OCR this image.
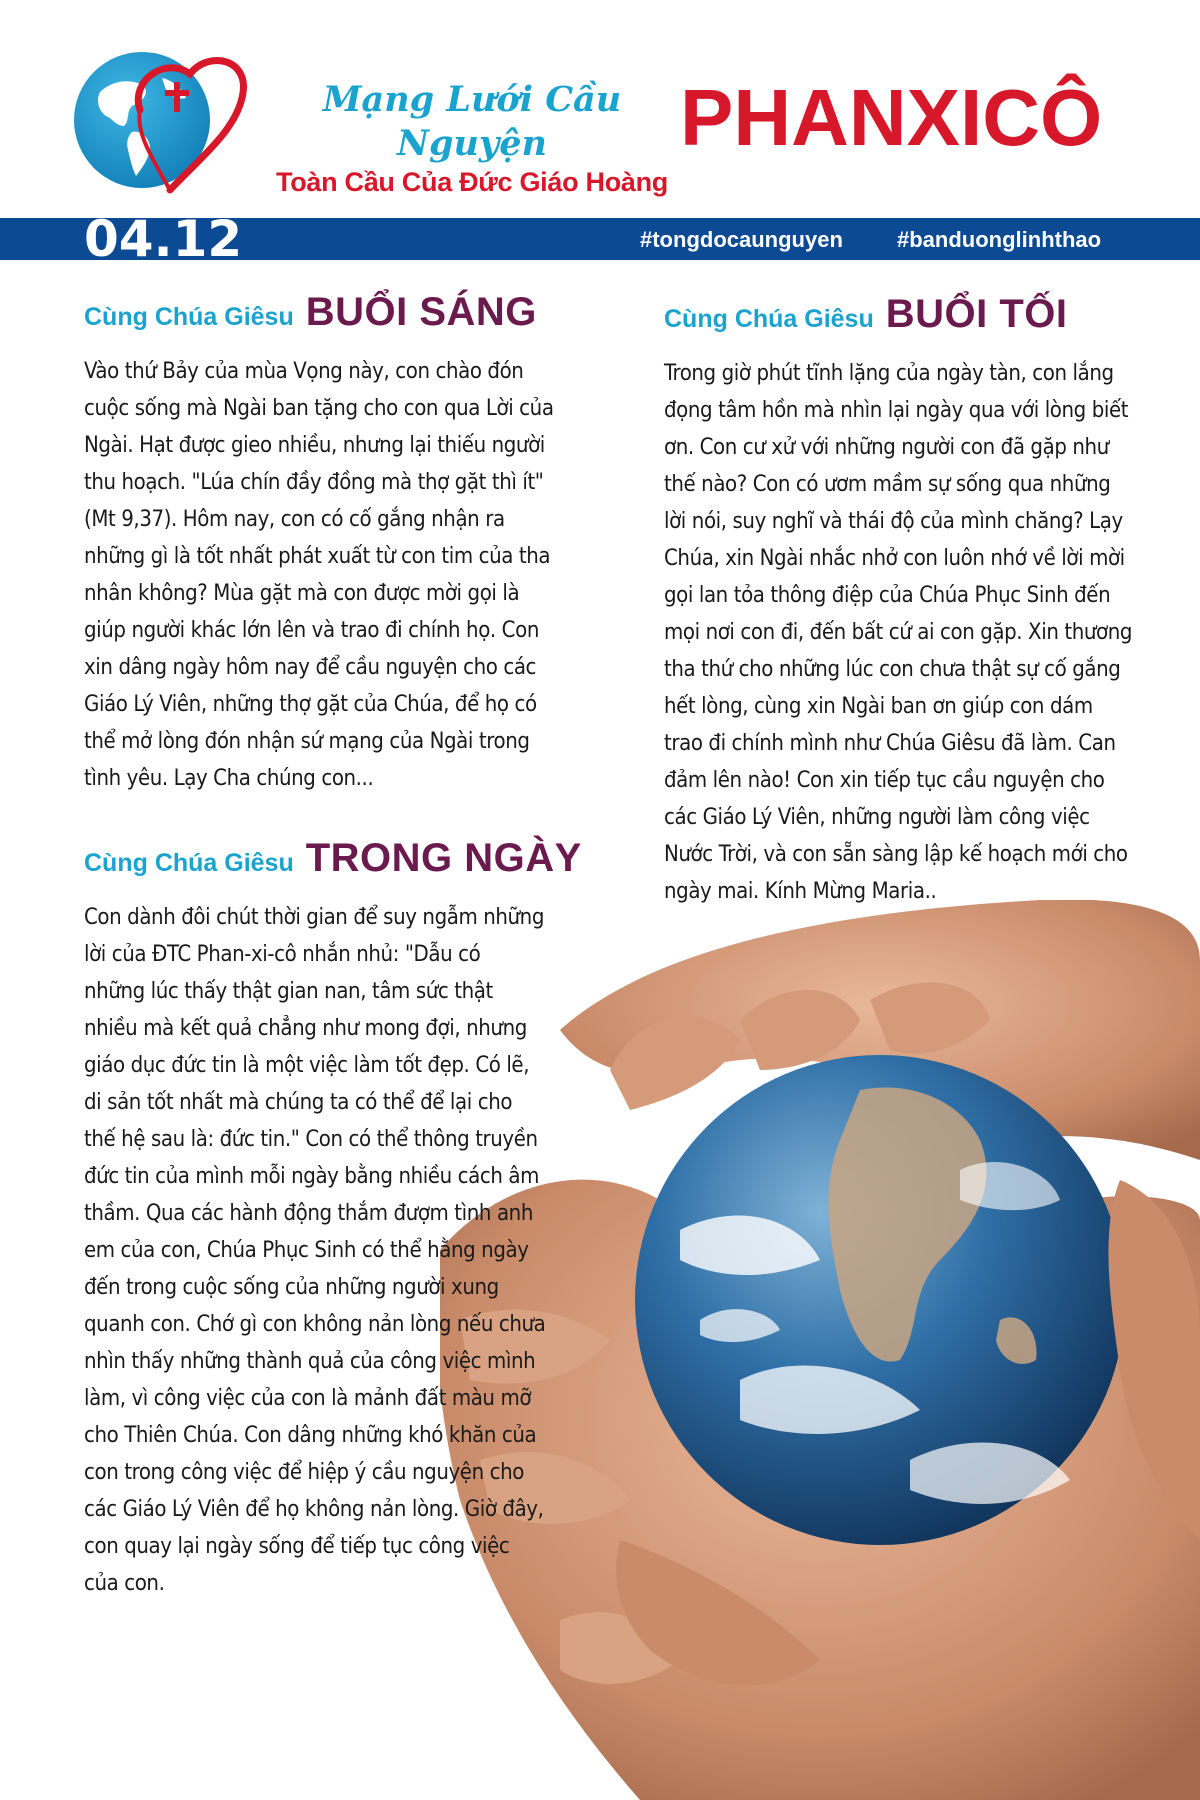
Mạng Lưới Cầu Nguyện
Toàn Cầu Của Đức Giáo Hoàng
PHANXICÔ
04.12	#tongdocaunguyen #banduonglinhthao
Cùng Chúa Giêsu BUỔI SÁNG
Vào thứ Bảy của mùa Vọng này, con chào đón cuộc sống mà Ngài ban tặng cho con qua Lời của Ngài. Hạt được gieo nhiều, nhưng lại thiếu người thu hoạch. "Lúa chín đầy đồng mà thợ gặt thì ít" (Mt 9,37). Hôm nay, con có cố gắng nhận ra những gì là tốt nhất phát xuất từ con tim của tha nhân không? Mùa gặt mà con được mời gọi là giúp người khác lớn lên và trao đi chính họ. Con xin dâng ngày hôm nay để cầu nguyện cho các Giáo Lý Viên, những thợ gặt của Chúa, để họ có thể mở lòng đón nhận sứ mạng của Ngài trong tình yêu. Lạy Cha chúng con...
Cùng Chúa Giêsu BUỔI TỐI
Trong giờ phút tĩnh lặng của ngày tàn, con lắng đọng tâm hồn mà nhìn lại ngày qua với lòng biết ơn. Con cư xử với những người con đã gặp như thế nào? Con có ươm mầm sự sống qua những lời nói, suy nghĩ và thái độ của mình chăng? Lạy Chúa, xin Ngài nhắc nhở con luôn nhớ về lời mời gọi lan tỏa thông điệp của Chúa Phục Sinh đến mọi nơi con đi, đến bất cứ ai con gặp. Xin thương tha thứ cho những lúc con chưa thật sự cố gắng hết lòng, cùng xin Ngài ban ơn giúp con dám trao đi chính mình như Chúa Giêsu đã làm. Can đảm lên nào! Con xin tiếp tục cầu nguyện cho các Giáo Lý Viên, những người làm công việc Nước Trời, và con sẵn sàng lập kế hoạch mới cho ngày mai. Kính Mừng Maria..
Cùng Chúa Giêsu TRONG NGÀY
Con dành đôi chút thời gian để suy ngẫm những lời của ĐTC Phan-xi-cô nhắn nhủ: "Dẫu có những lúc thấy thật gian nan, tâm sức thật nhiều mà kết quả chẳng như mong đợi, nhưng giáo dục đức tin là một việc làm tốt đẹp. Có lẽ, di sản tốt nhất mà chúng ta có thể để lại cho thế hệ sau là: đức tin." Con có thể thông truyền đức tin của mình mỗi ngày bằng nhiều cách âm thầm. Qua các hành động thắm đượm tình anh em của con, Chúa Phục Sinh có thể hằng ngày đến trong cuộc sống của những người xung quanh con. Chớ gì con không nản lòng nếu chưa nhìn thấy những thành quả của công việc mình làm, vì công việc của con là mảnh đất màu mỡ cho Thiên Chúa. Con dâng những khó khăn của con trong công việc để hiệp ý cầu nguyện cho các Giáo Lý Viên để họ không nản lòng. Giờ đây, con quay lại ngày sống để tiếp tục công việc của con.
